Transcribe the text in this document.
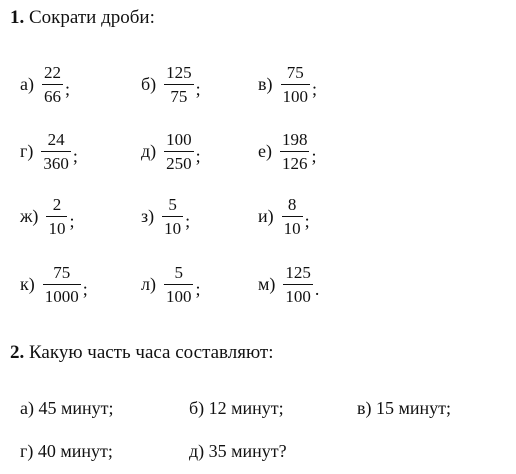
1. Сократи дроби:
$а) \frac{22}{66}$ ;	$б) \frac{125}{75}$ ;	$в) \frac{75}{100}$ ;
$г) \frac{24}{360}$ ;	$д) \frac{100}{250}$ ;	$е) \frac{198}{126}$ ;
$ж) \frac{2}{10}$ ;	$з) \frac{5}{10}$ ;	$и) \frac{8}{10}$ ;
$к) \frac{75}{1000}$ ;	$л) \frac{5}{100}$ ;	$м) \frac{125}{100}$ .
2. Какую часть часа составляют:
а) 45 минут;	б) 12 минут;	в) 15 минут;
г) 40 минут;	д) 35 минут?
